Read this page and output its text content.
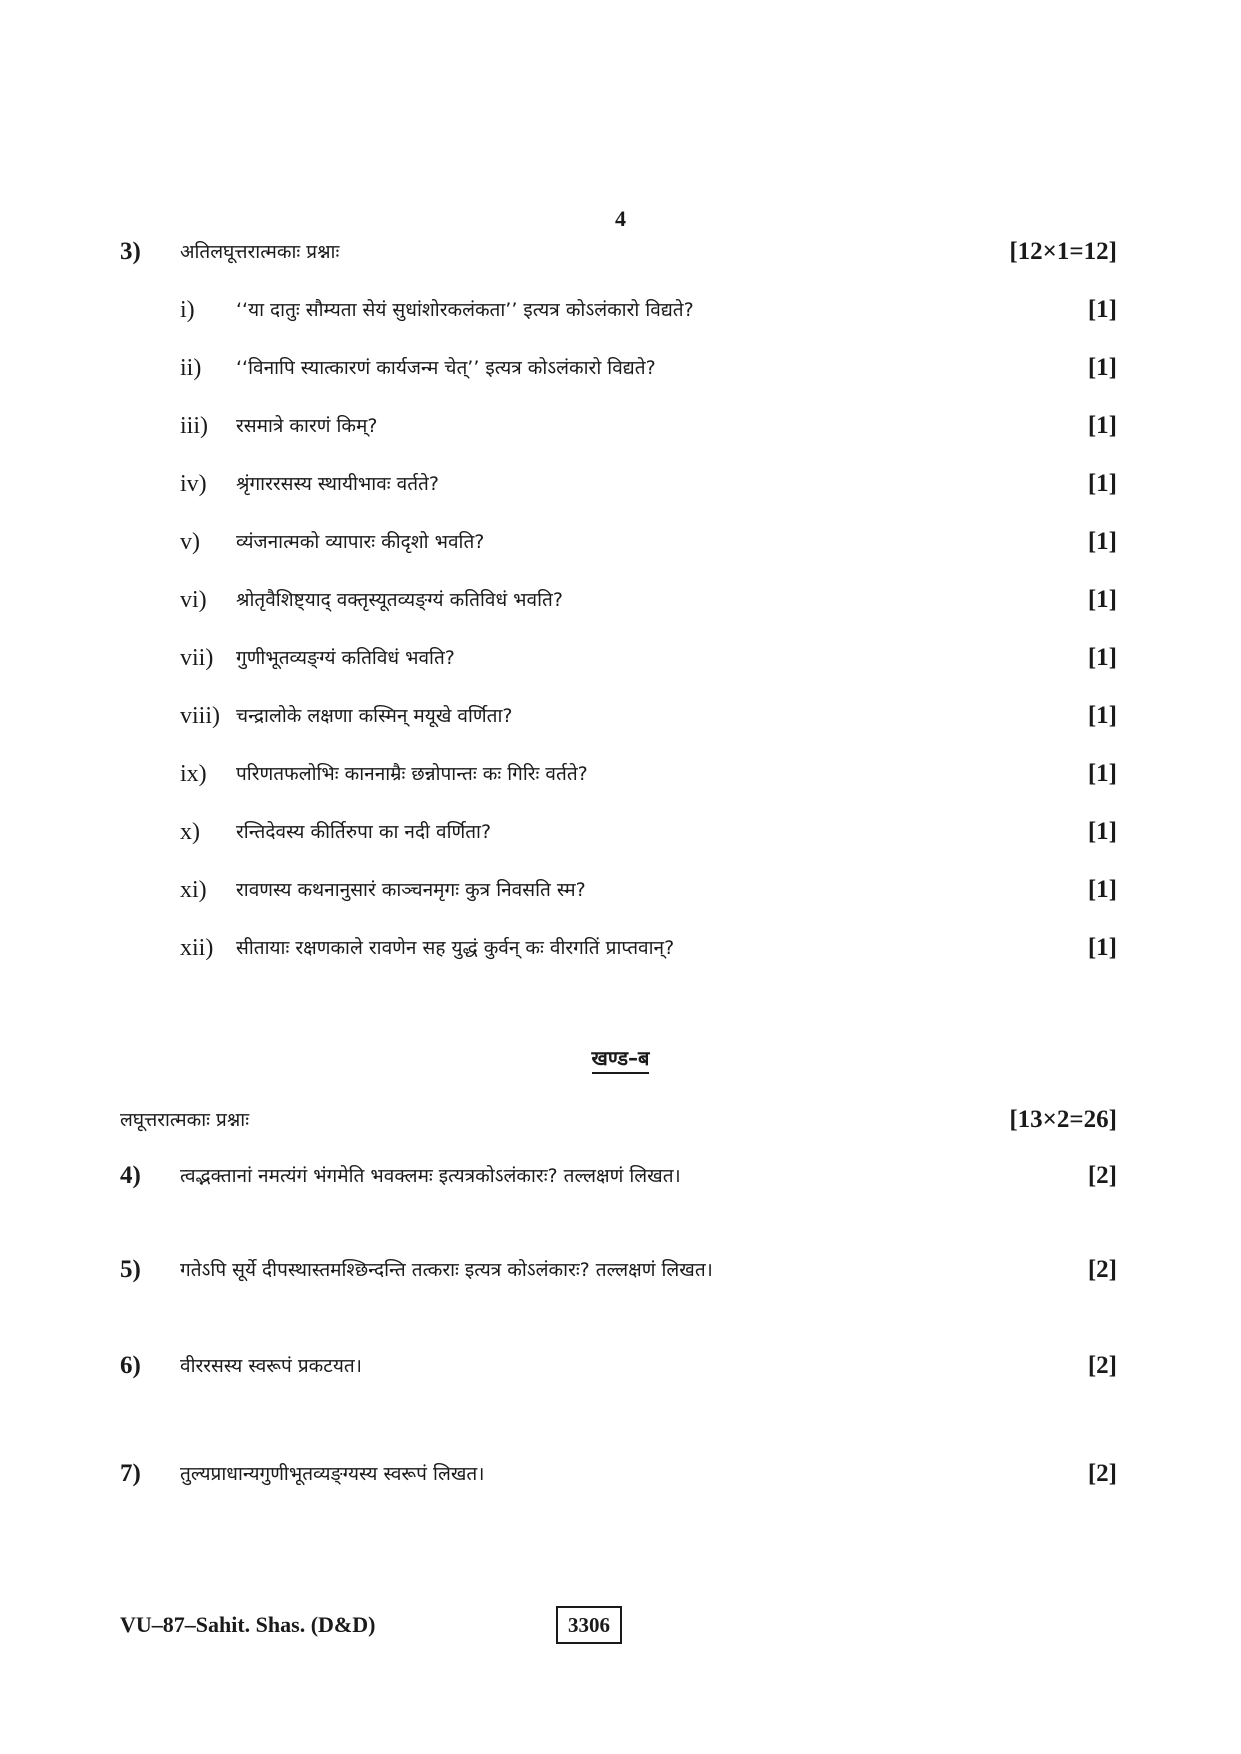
4
3) अतिलघूत्तरात्मकाः प्रश्नाः	[12×1=12]
i) ‘‘या दातुः सौम्यता सेयं सुधांशोरकलंकता’’ इत्यत्र कोऽलंकारो विद्यते?	[1]
ii) ‘‘विनापि स्यात्कारणं कार्यजन्म चेत्’’ इत्यत्र कोऽलंकारो विद्यते?	[1]
iii) रसमात्रे कारणं किम्?	[1]
iv) श्रृंगाररसस्य स्थायीभावः वर्तते?	[1]
v) व्यंजनात्मको व्यापारः कीदृशो भवति?	[1]
vi) श्रोतृवैशिष्ट्याद् वक्तृस्यूतव्यङ्ग्यं कतिविधं भवति?	[1]
vii) गुणीभूतव्यङ्ग्यं कतिविधं भवति?	[1]
viii) चन्द्रालोके लक्षणा कस्मिन् मयूखे वर्णिता?	[1]
ix) परिणतफलोभिः काननाम्रैः छन्नोपान्तः कः गिरिः वर्तते?	[1]
x) रन्तिदेवस्य कीर्तिरुपा का नदी वर्णिता?	[1]
xi) रावणस्य कथनानुसारं काञ्चनमृगः कुत्र निवसति स्म?	[1]
xii) सीतायाः रक्षणकाले रावणेन सह युद्धं कुर्वन् कः वीरगतिं प्राप्तवान्?	[1]
खण्ड–ब
लघूत्तरात्मकाः प्रश्नाः	[13×2=26]
4) त्वद्भक्तानां नमत्यंगं भंगमेति भवक्लमः इत्यत्रकोऽलंकारः? तल्लक्षणं लिखत।	[2]
5) गतेऽपि सूर्ये दीपस्थास्तमश्छिन्दन्ति तत्कराः इत्यत्र कोऽलंकारः? तल्लक्षणं लिखत।	[2]
6) वीररसस्य स्वरूपं प्रकटयत।	[2]
7) तुल्यप्राधान्यगुणीभूतव्यङ्ग्यस्य स्वरूपं लिखत।	[2]
VU–87–Sahit. Shas. (D&D)	3306
